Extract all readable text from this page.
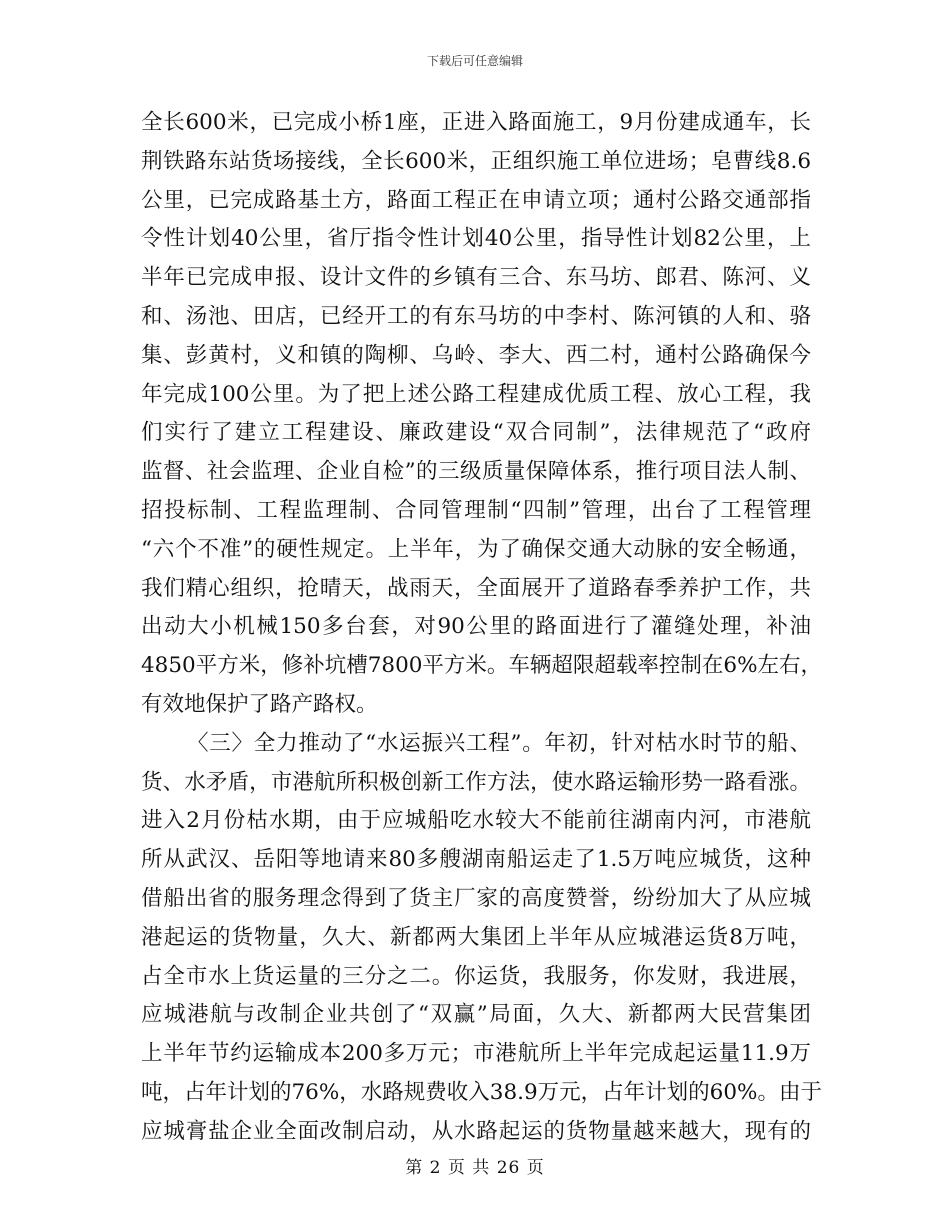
下载后可任意编辑
全长600米，已完成小桥1座，正进入路面施工，9月份建成通车，长
荆铁路东站货场接线，全长600米，正组织施工单位进场；皂曹线8.6
公里，已完成路基土方，路面工程正在申请立项；通村公路交通部指
令性计划40公里，省厅指令性计划40公里，指导性计划82公里，上
半年已完成申报、设计文件的乡镇有三合、东马坊、郎君、陈河、义
和、汤池、田店，已经开工的有东马坊的中李村、陈河镇的人和、骆
集、彭黄村，义和镇的陶柳、乌岭、李大、西二村，通村公路确保今
年完成100公里。为了把上述公路工程建成优质工程、放心工程，我
们实行了建立工程建设、廉政建设“双合同制”，法律规范了“政府
监督、社会监理、企业自检”的三级质量保障体系，推行项目法人制、
招投标制、工程监理制、合同管理制“四制”管理，出台了工程管理
“六个不准”的硬性规定。上半年，为了确保交通大动脉的安全畅通，
我们精心组织，抢晴天，战雨天，全面展开了道路春季养护工作，共
出动大小机械150多台套，对90公里的路面进行了灌缝处理，补油
4850平方米，修补坑槽7800平方米。车辆超限超载率控制在6%左右，
有效地保护了路产路权。
〈三〉全力推动了“水运振兴工程”。年初，针对枯水时节的船、
货、水矛盾，市港航所积极创新工作方法，使水路运输形势一路看涨。
进入2月份枯水期，由于应城船吃水较大不能前往湖南内河，市港航
所从武汉、岳阳等地请来80多艘湖南船运走了1.5万吨应城货，这种
借船出省的服务理念得到了货主厂家的高度赞誉，纷纷加大了从应城
港起运的货物量，久大、新都两大集团上半年从应城港运货8万吨，
占全市水上货运量的三分之二。你运货，我服务，你发财，我进展，
应城港航与改制企业共创了“双赢”局面，久大、新都两大民营集团
上半年节约运输成本200多万元；市港航所上半年完成起运量11.9万
吨，占年计划的76%，水路规费收入38.9万元，占年计划的60%。由于
应城膏盐企业全面改制启动，从水路起运的货物量越来越大，现有的
第 2 页 共 26 页
